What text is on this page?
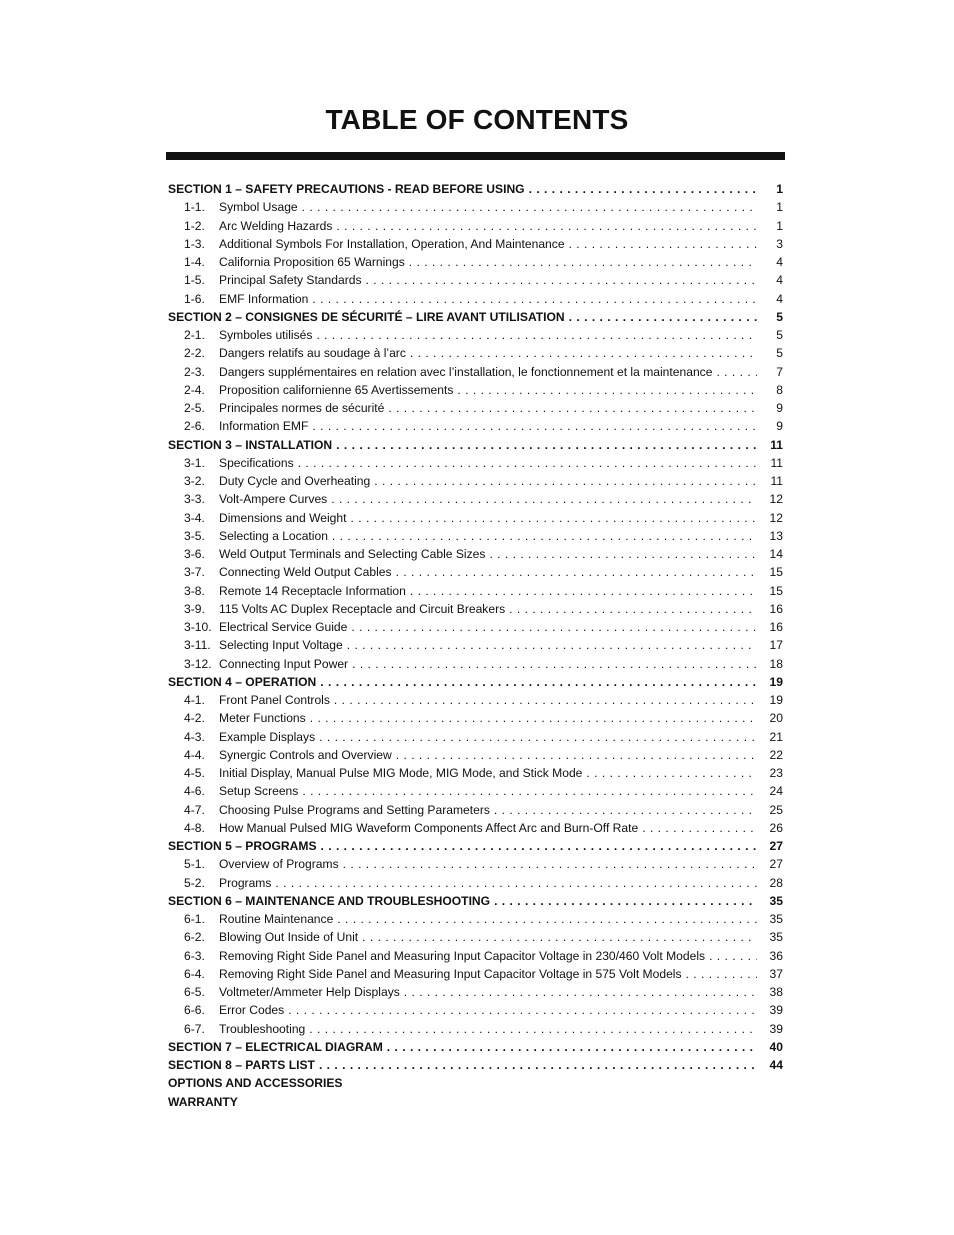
TABLE OF CONTENTS
SECTION 1 – SAFETY PRECAUTIONS - READ BEFORE USING . . .	1
1-1. Symbol Usage . . .	1
1-2. Arc Welding Hazards . . .	1
1-3. Additional Symbols For Installation, Operation, And Maintenance . . .	3
1-4. California Proposition 65 Warnings . . .	4
1-5. Principal Safety Standards . . .	4
1-6. EMF Information . . .	4
SECTION 2 – CONSIGNES DE SÉCURITÉ – LIRE AVANT UTILISATION . . .	5
2-1. Symboles utilisés . . .	5
2-2. Dangers relatifs au soudage à l’arc . . .	5
2-3. Dangers supplémentaires en relation avec l’installation, le fonctionnement et la maintenance . . .	7
2-4. Proposition californienne 65 Avertissements . . .	8
2-5. Principales normes de sécurité . . .	9
2-6. Information EMF . . .	9
SECTION 3 – INSTALLATION . . .	11
3-1. Specifications . . .	11
3-2. Duty Cycle and Overheating . . .	11
3-3. Volt-Ampere Curves . . .	12
3-4. Dimensions and Weight . . .	12
3-5. Selecting a Location . . .	13
3-6. Weld Output Terminals and Selecting Cable Sizes . . .	14
3-7. Connecting Weld Output Cables . . .	15
3-8. Remote 14 Receptacle Information . . .	15
3-9. 115 Volts AC Duplex Receptacle and Circuit Breakers . . .	16
3-10. Electrical Service Guide . . .	16
3-11. Selecting Input Voltage . . .	17
3-12. Connecting Input Power . . .	18
SECTION 4 – OPERATION . . .	19
4-1. Front Panel Controls . . .	19
4-2. Meter Functions . . .	20
4-3. Example Displays . . .	21
4-4. Synergic Controls and Overview . . .	22
4-5. Initial Display, Manual Pulse MIG Mode, MIG Mode, and Stick Mode . . .	23
4-6. Setup Screens . . .	24
4-7. Choosing Pulse Programs and Setting Parameters . . .	25
4-8. How Manual Pulsed MIG Waveform Components Affect Arc and Burn-Off Rate . . .	26
SECTION 5 – PROGRAMS . . .	27
5-1. Overview of Programs . . .	27
5-2. Programs . . .	28
SECTION 6 – MAINTENANCE AND TROUBLESHOOTING . . .	35
6-1. Routine Maintenance . . .	35
6-2. Blowing Out Inside of Unit . . .	35
6-3. Removing Right Side Panel and Measuring Input Capacitor Voltage in 230/460 Volt Models . . .	36
6-4. Removing Right Side Panel and Measuring Input Capacitor Voltage in 575 Volt Models . . .	37
6-5. Voltmeter/Ammeter Help Displays . . .	38
6-6. Error Codes . . .	39
6-7. Troubleshooting . . .	39
SECTION 7 – ELECTRICAL DIAGRAM . . .	40
SECTION 8 – PARTS LIST . . .	44
OPTIONS AND ACCESSORIES
WARRANTY
